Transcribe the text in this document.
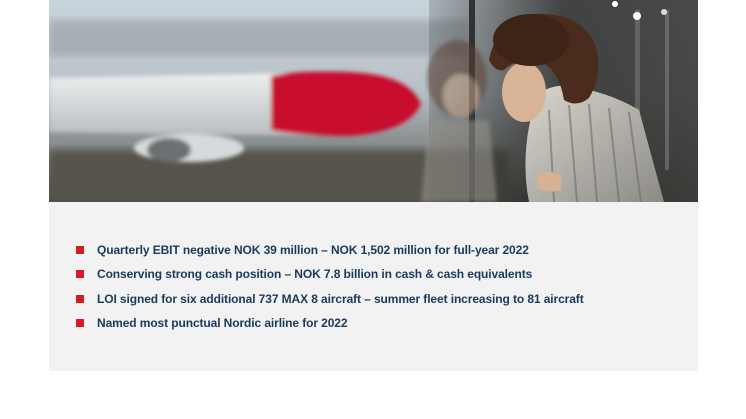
Quarterly EBIT negative NOK 39 million – NOK 1,502 million for full-year 2022
Conserving strong cash position – NOK 7.8 billion in cash & cash equivalents
LOI signed for six additional 737 MAX 8 aircraft – summer fleet increasing to 81 aircraft
Named most punctual Nordic airline for 2022
